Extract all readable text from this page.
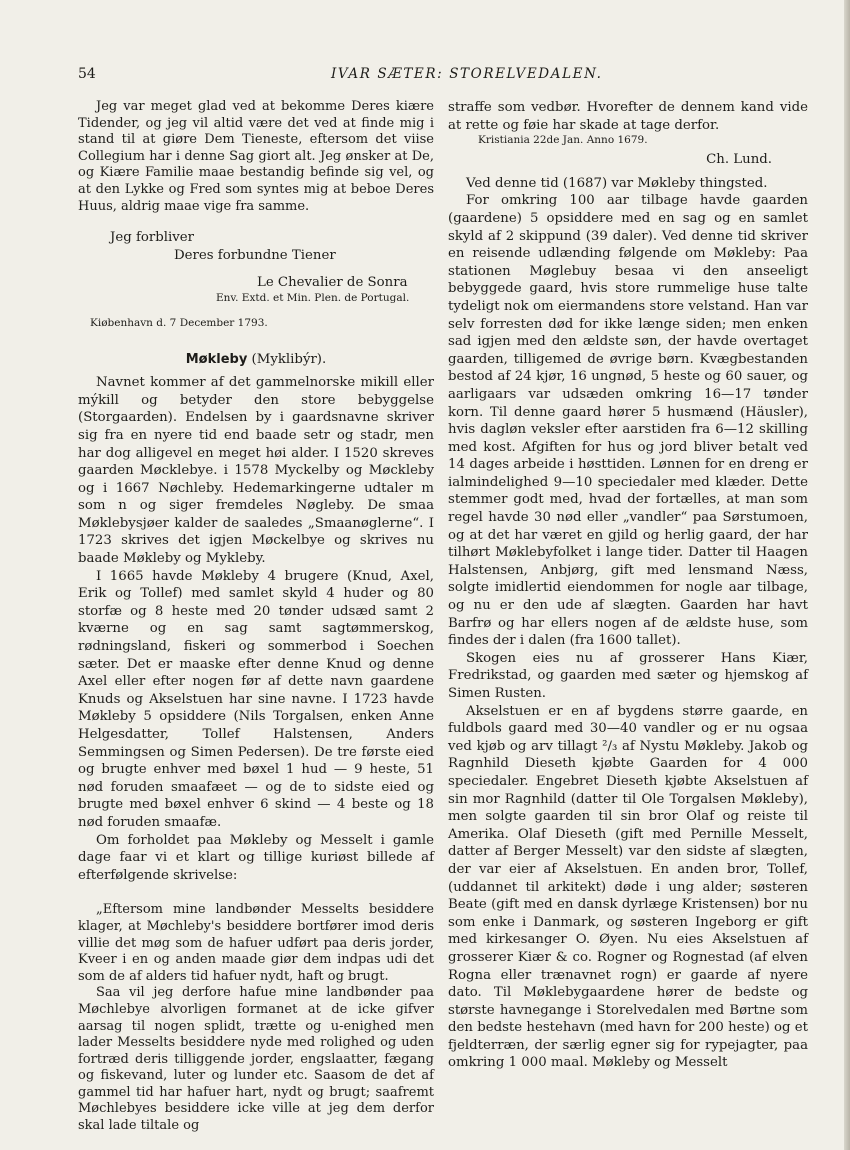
54	IVAR SÆTER: STORELVEDALEN.

Jeg var meget glad ved at bekomme Deres kiære Tidender, og jeg vil altid være det ved at finde mig i stand til at giøre Dem Tieneste, eftersom det viise Collegium har i denne Sag giort alt. Jeg ønsker at De, og Kiære Familie maae bestandig befinde sig vel, og at den Lykke og Fred som syntes mig at beboe Deres Huus, aldrig maae vige fra samme.

Jeg forbliver
Deres forbundne Tiener
Le Chevalier de Sonra
Env. Extd. et Min. Plen. de Portugal.
Kiøbenhavn d. 7 December 1793.
Møkleby (Myklibýr).

Navnet kommer af det gammelnorske mikill eller mýkill og betyder den store bebyggelse (Storgaarden). Endelsen by i gaardsnavne skriver sig fra en nyere tid end baade setr og stadr, men har dog alligevel en meget høi alder. I 1520 skreves gaarden Møcklebye. i 1578 Myckelby og Møckleby og i 1667 Nøchleby. Hedemarkingerne udtaler m som n og siger fremdeles Nøgleby. De smaa Møklebysjøer kalder de saaledes „Smaanøglerne“. I 1723 skrives det igjen Møckelbye og skrives nu baade Møkleby og Mykleby.

I 1665 havde Møkleby 4 brugere (Knud, Axel, Erik og Tollef) med samlet skyld 4 huder og 80 storfæ og 8 heste med 20 tønder udsæd samt 2 kværne og en sag samt sagtømmerskog, rødningsland, fiskeri og sommerbod i Soechen sæter. Det er maaske efter denne Knud og denne Axel eller efter nogen før af dette navn gaardene Knuds og Akselstuen har sine navne. I 1723 havde Møkleby 5 opsiddere (Nils Torgalsen, enken Anne Helgesdatter, Tollef Halstensen, Anders Semmingsen og Simen Pedersen). De tre første eied og brugte enhver med bøxel 1 hud — 9 heste, 51 nød foruden smaafæet — og de to sidste eied og brugte med bøxel enhver 6 skind — 4 beste og 18 nød foruden smaafæ.

Om forholdet paa Møkleby og Messelt i gamle dage faar vi et klart og tillige kuriøst billede af efterfølgende skrivelse:

„Eftersom mine landbønder Messelts besiddere klager, at Møchleby's besiddere bortfører imod deris villie det møg som de hafuer udført paa deris jorder, Kveer i en og anden maade giør dem indpas udi det som de af alders tid hafuer nydt, haft og brugt.

Saa vil jeg derfore hafue mine landbønder paa Møchlebye alvorligen formanet at de icke gifver aarsag til nogen splidt, trætte og u-enighed men lader Messelts besiddere nyde med rolighed og uden fortræd deris tilliggende jorder, engslaatter, fægang og fiskevand, luter og lunder etc. Saasom de det af gammel tid har hafuer hart, nydt og brugt; saafremt Møchlebyes besiddere icke ville at jeg dem derfor skal lade tiltale og

straffe som vedbør. Hvorefter de dennem kand vide at rette og føie har skade at tage derfor.

Kristiania 22de Jan. Anno 1679.
Ch. Lund.

Ved denne tid (1687) var Møkleby thingsted.

For omkring 100 aar tilbage havde gaarden (gaardene) 5 opsiddere med en sag og en samlet skyld af 2 skippund (39 daler). Ved denne tid skriver en reisende udlænding følgende om Møkleby: Paa stationen Møglebuy besaa vi den anseeligt bebyggede gaard, hvis store rummelige huse talte tydeligt nok om eiermandens store velstand. Han var selv forresten død for ikke længe siden; men enken sad igjen med den ældste søn, der havde overtaget gaarden, tilligemed de øvrige børn. Kvægbestanden bestod af 24 kjør, 16 ungnød, 5 heste og 60 sauer, og aarligaars var udsæden omkring 16—17 tønder korn. Til denne gaard hører 5 husmænd (Häusler), hvis dagløn veksler efter aarstiden fra 6—12 skilling med kost. Afgiften for hus og jord bliver betalt ved 14 dages arbeide i høsttiden. Lønnen for en dreng er ialmindelighed 9—10 speciedaler med klæder. Dette stemmer godt med, hvad der fortælles, at man som regel havde 30 nød eller „vandler“ paa Sørstumoen, og at det har været en gjild og herlig gaard, der har tilhørt Møklebyfolket i lange tider. Datter til Haagen Halstensen, Anbjørg, gift med lensmand Næss, solgte imidlertid eiendommen for nogle aar tilbage, og nu er den ude af slægten. Gaarden har havt Barfrø og har ellers nogen af de ældste huse, som findes der i dalen (fra 1600 tallet).

Skogen eies nu af grosserer Hans Kiær, Fredrikstad, og gaarden med sæter og hjemskog af Simen Rusten.

Akselstuen er en af bygdens større gaarde, en fuldbols gaard med 30—40 vandler og er nu ogsaa ved kjøb og arv tillagt ²/₃ af Nystu Møkleby. Jakob og Ragnhild Dieseth kjøbte Gaarden for 4 000 speciedaler. Engebret Dieseth kjøbte Akselstuen af sin mor Ragnhild (datter til Ole Torgalsen Møkleby), men solgte gaarden til sin bror Olaf og reiste til Amerika. Olaf Dieseth (gift med Pernille Messelt, datter af Berger Messelt) var den sidste af slægten, der var eier af Akselstuen. En anden bror, Tollef, (uddannet til arkitekt) døde i ung alder; søsteren Beate (gift med en dansk dyrlæge Kristensen) bor nu som enke i Danmark, og søsteren Ingeborg er gift med kirkesanger O. Øyen. Nu eies Akselstuen af grosserer Kiær & co. Rogner og Rognestad (af elven Rogna eller trænavnet rogn) er gaarde af nyere dato. Til Møklebygaardene hører de bedste og største havnegange i Storelvedalen med Børtne som den bedste hestehavn (med havn for 200 heste) og et fjeldterræn, der særlig egner sig for rypejagter, paa omkring 1 000 maal. Møkleby og Messelt
